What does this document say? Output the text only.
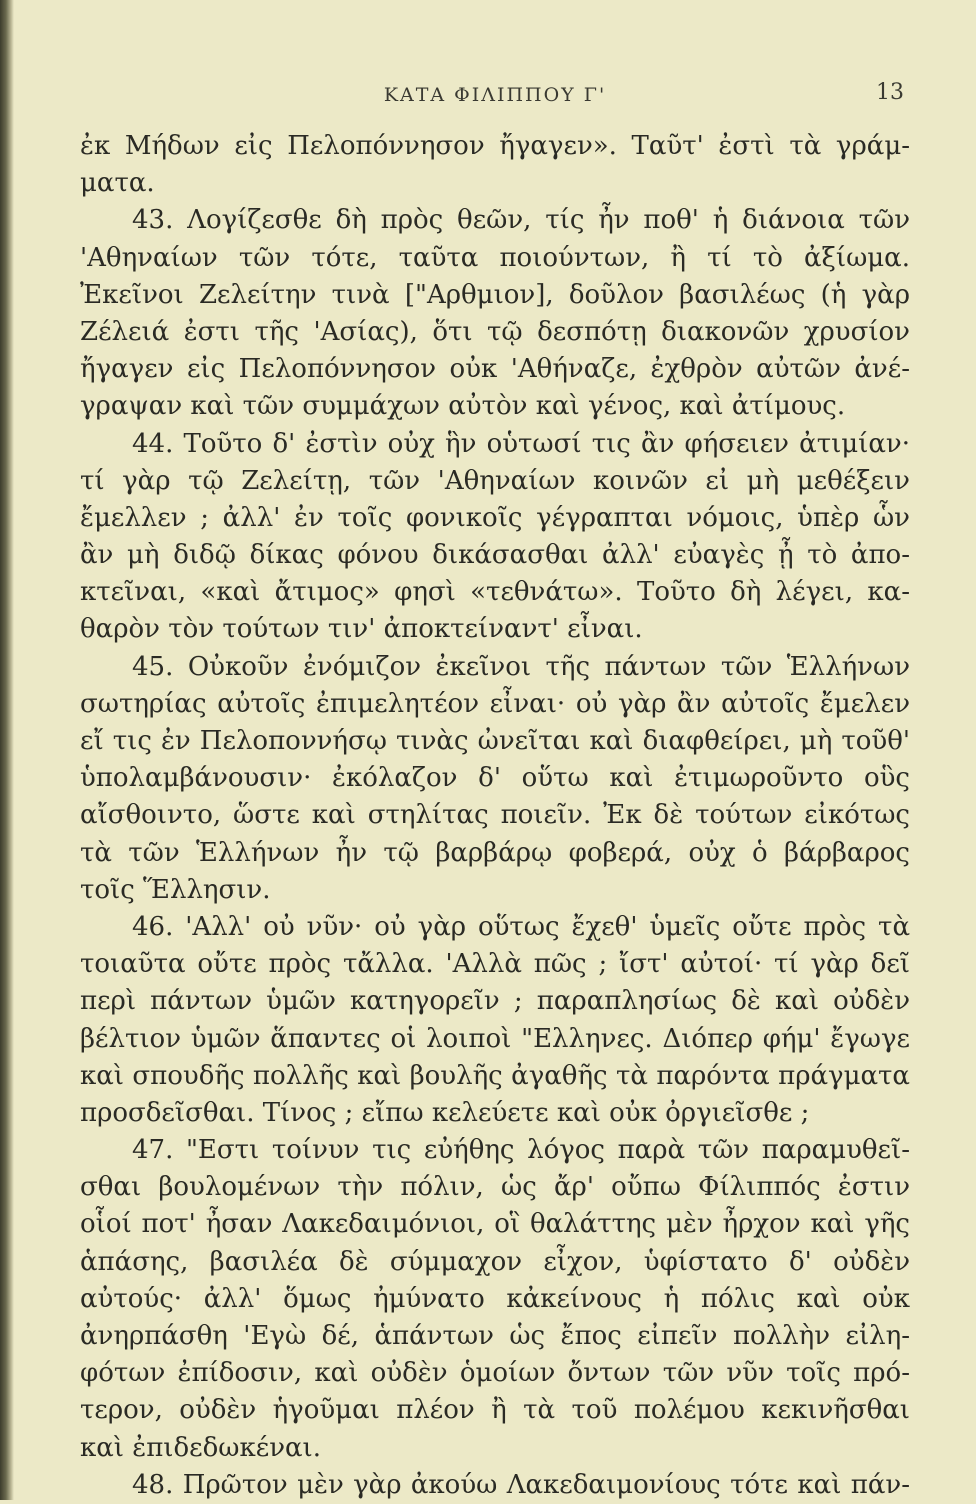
ΚΑΤΑ ΦΙΛΙΠΠΟΥ Γ'	13
ἐκ Μήδων εἰς Πελοπόννησον ἤγαγεν». Ταῦτ' ἐστὶ τὰ γράμ-
ματα.
43. Λογίζεσθε δὴ πρὸς θεῶν, τίς ἦν ποθ' ἡ διάνοια τῶν
'Αθηναίων τῶν τότε, ταῦτα ποιούντων, ἢ τί τὸ ἀξίωμα.
Ἐκεῖνοι Ζελείτην τινὰ ["Αρθμιον], δοῦλον βασιλέως (ἡ γὰρ
Ζέλειά ἐστι τῆς 'Ασίας), ὅτι τῷ δεσπότῃ διακονῶν χρυσίον
ἤγαγεν εἰς Πελοπόννησον οὐκ 'Αθήναζε, ἐχθρὸν αὐτῶν ἀνέ-
γραψαν καὶ τῶν συμμάχων αὐτὸν καὶ γένος, καὶ ἀτίμους.
44. Τοῦτο δ' ἐστὶν οὐχ ἣν οὑτωσί τις ἂν φήσειεν ἀτιμίαν·
τί γὰρ τῷ Ζελείτῃ, τῶν 'Αθηναίων κοινῶν εἰ μὴ μεθέξειν
ἔμελλεν ; ἀλλ' ἐν τοῖς φονικοῖς γέγραπται νόμοις, ὑπὲρ ὧν
ἂν μὴ διδῷ δίκας φόνου δικάσασθαι ἀλλ' εὐαγὲς ᾖ τὸ ἀπο-
κτεῖναι, «καὶ ἄτιμος» φησὶ «τεθνάτω». Τοῦτο δὴ λέγει, κα-
θαρὸν τὸν τούτων τιν' ἀποκτείναντ' εἶναι.
45. Οὐκοῦν ἐνόμιζον ἐκεῖνοι τῆς πάντων τῶν Ἑλλήνων
σωτηρίας αὐτοῖς ἐπιμελητέον εἶναι· οὐ γὰρ ἂν αὐτοῖς ἔμελεν
εἴ τις ἐν Πελοποννήσῳ τινὰς ὠνεῖται καὶ διαφθείρει, μὴ τοῦθ'
ὑπολαμβάνουσιν· ἐκόλαζον δ' οὕτω καὶ ἐτιμωροῦντο οὓς
αἴσθοιντο, ὥστε καὶ στηλίτας ποιεῖν. Ἐκ δὲ τούτων εἰκότως
τὰ τῶν Ἑλλήνων ἦν τῷ βαρβάρῳ φοβερά, οὐχ ὁ βάρβαρος
τοῖς Ἕλλησιν.
46. 'Αλλ' οὐ νῦν· οὐ γὰρ οὕτως ἔχεθ' ὑμεῖς οὔτε πρὸς τὰ
τοιαῦτα οὔτε πρὸς τἄλλα. 'Αλλὰ πῶς ; ἴστ' αὐτοί· τί γὰρ δεῖ
περὶ πάντων ὑμῶν κατηγορεῖν ; παραπλησίως δὲ καὶ οὐδὲν
βέλτιον ὑμῶν ἅπαντες οἱ λοιποὶ "Ελληνες. Διόπερ φήμ' ἔγωγε
καὶ σπουδῆς πολλῆς καὶ βουλῆς ἀγαθῆς τὰ παρόντα πράγματα
προσδεῖσθαι. Τίνος ; εἴπω κελεύετε καὶ οὐκ ὀργιεῖσθε ;
47. "Εστι τοίνυν τις εὐήθης λόγος παρὰ τῶν παραμυθεῖ-
σθαι βουλομένων τὴν πόλιν, ὡς ἄρ' οὔπω Φίλιππός ἐστιν
οἷοί ποτ' ἦσαν Λακεδαιμόνιοι, οἳ θαλάττης μὲν ἦρχον καὶ γῆς
ἁπάσης, βασιλέα δὲ σύμμαχον εἶχον, ὑφίστατο δ' οὐδὲν
αὐτούς· ἀλλ' ὅμως ἠμύνατο κἀκείνους ἡ πόλις καὶ οὐκ
ἀνηρπάσθη 'Εγὼ δέ, ἁπάντων ὡς ἔπος εἰπεῖν πολλὴν εἰλη-
φότων ἐπίδοσιν, καὶ οὐδὲν ὁμοίων ὄντων τῶν νῦν τοῖς πρό-
τερον, οὐδὲν ἡγοῦμαι πλέον ἢ τὰ τοῦ πολέμου κεκινῆσθαι
καὶ ἐπιδεδωκέναι.
48. Πρῶτον μὲν γὰρ ἀκούω Λακεδαιμονίους τότε καὶ πάν-
